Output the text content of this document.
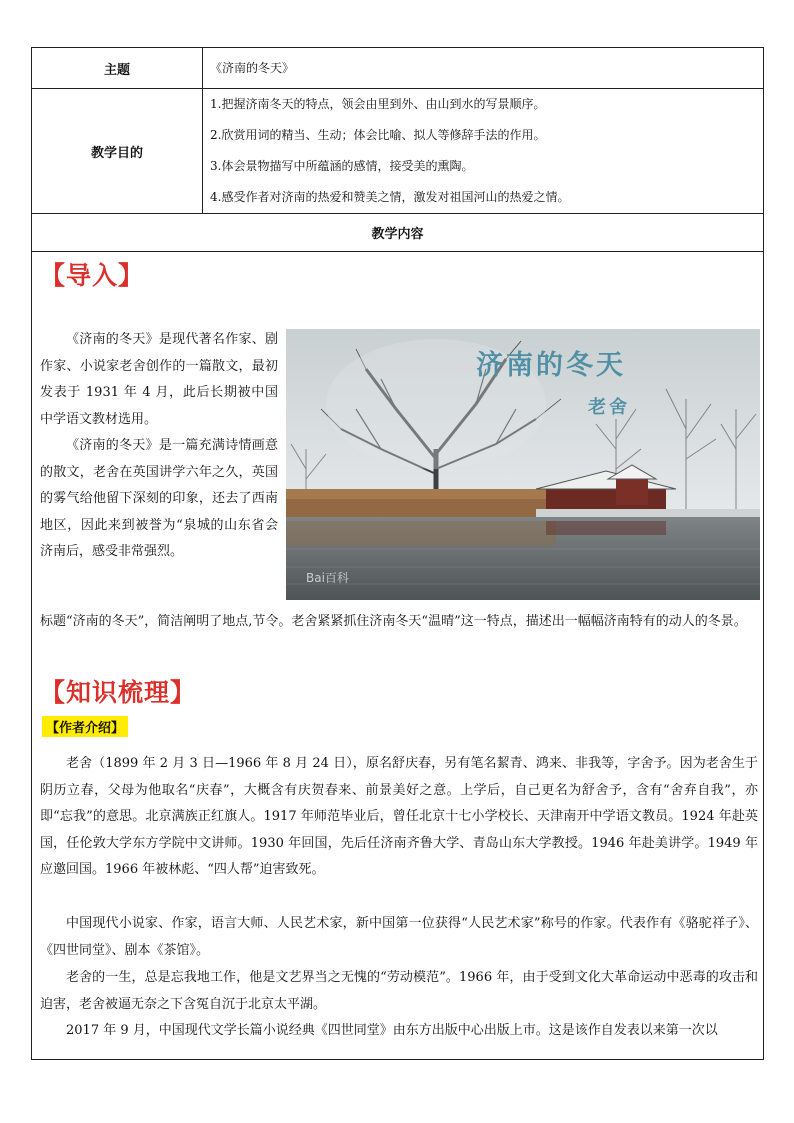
主题	《济南的冬天》
教学目的
1.把握济南冬天的特点，领会由里到外、由山到水的写景顺序。
2.欣赏用词的精当、生动；体会比喻、拟人等修辞手法的作用。
3.体会景物描写中所蕴涵的感情，接受美的熏陶。
4.感受作者对济南的热爱和赞美之情，激发对祖国河山的热爱之情。
教学内容
【导入】
《济南的冬天》是现代著名作家、剧作家、小说家老舍创作的一篇散文，最初发表于 1931 年 4 月，此后长期被中国中学语文教材选用。
《济南的冬天》是一篇充满诗情画意的散文，老舍在英国讲学六年之久，英国的雾气给他留下深刻的印象，还去了西南地区，因此来到被誉为“泉城的山东省会济南后，感受非常强烈。
标题“济南的冬天”，简洁阐明了地点,节令。老舍紧紧抓住济南冬天“温晴”这一特点，描述出一幅幅济南特有的动人的冬景。
济南的冬天
老舍
Bai百科
【知识梳理】
【作者介绍】
老舍（1899 年 2 月 3 日—1966 年 8 月 24 日），原名舒庆春，另有笔名絜青、鸿来、非我等，字舍予。因为老舍生于阴历立春，父母为他取名“庆春”，大概含有庆贺春来、前景美好之意。上学后，自己更名为舒舍予，含有“舍弃自我”，亦即“忘我”的意思。北京满族正红旗人。1917 年师范毕业后，曾任北京十七小学校长、天津南开中学语文教员。1924 年赴英国，任伦敦大学东方学院中文讲师。1930 年回国，先后任济南齐鲁大学、青岛山东大学教授。1946 年赴美讲学。1949 年应邀回国。1966 年被林彪、“四人帮”迫害致死。
中国现代小说家、作家，语言大师、人民艺术家，新中国第一位获得“人民艺术家”称号的作家。代表作有《骆驼祥子》、《四世同堂》、剧本《茶馆》。
老舍的一生，总是忘我地工作，他是文艺界当之无愧的“劳动模范”。1966 年，由于受到文化大革命运动中恶毒的攻击和迫害，老舍被逼无奈之下含冤自沉于北京太平湖。
2017 年 9 月，中国现代文学长篇小说经典《四世同堂》由东方出版中心出版上市。这是该作自发表以来第一次以
